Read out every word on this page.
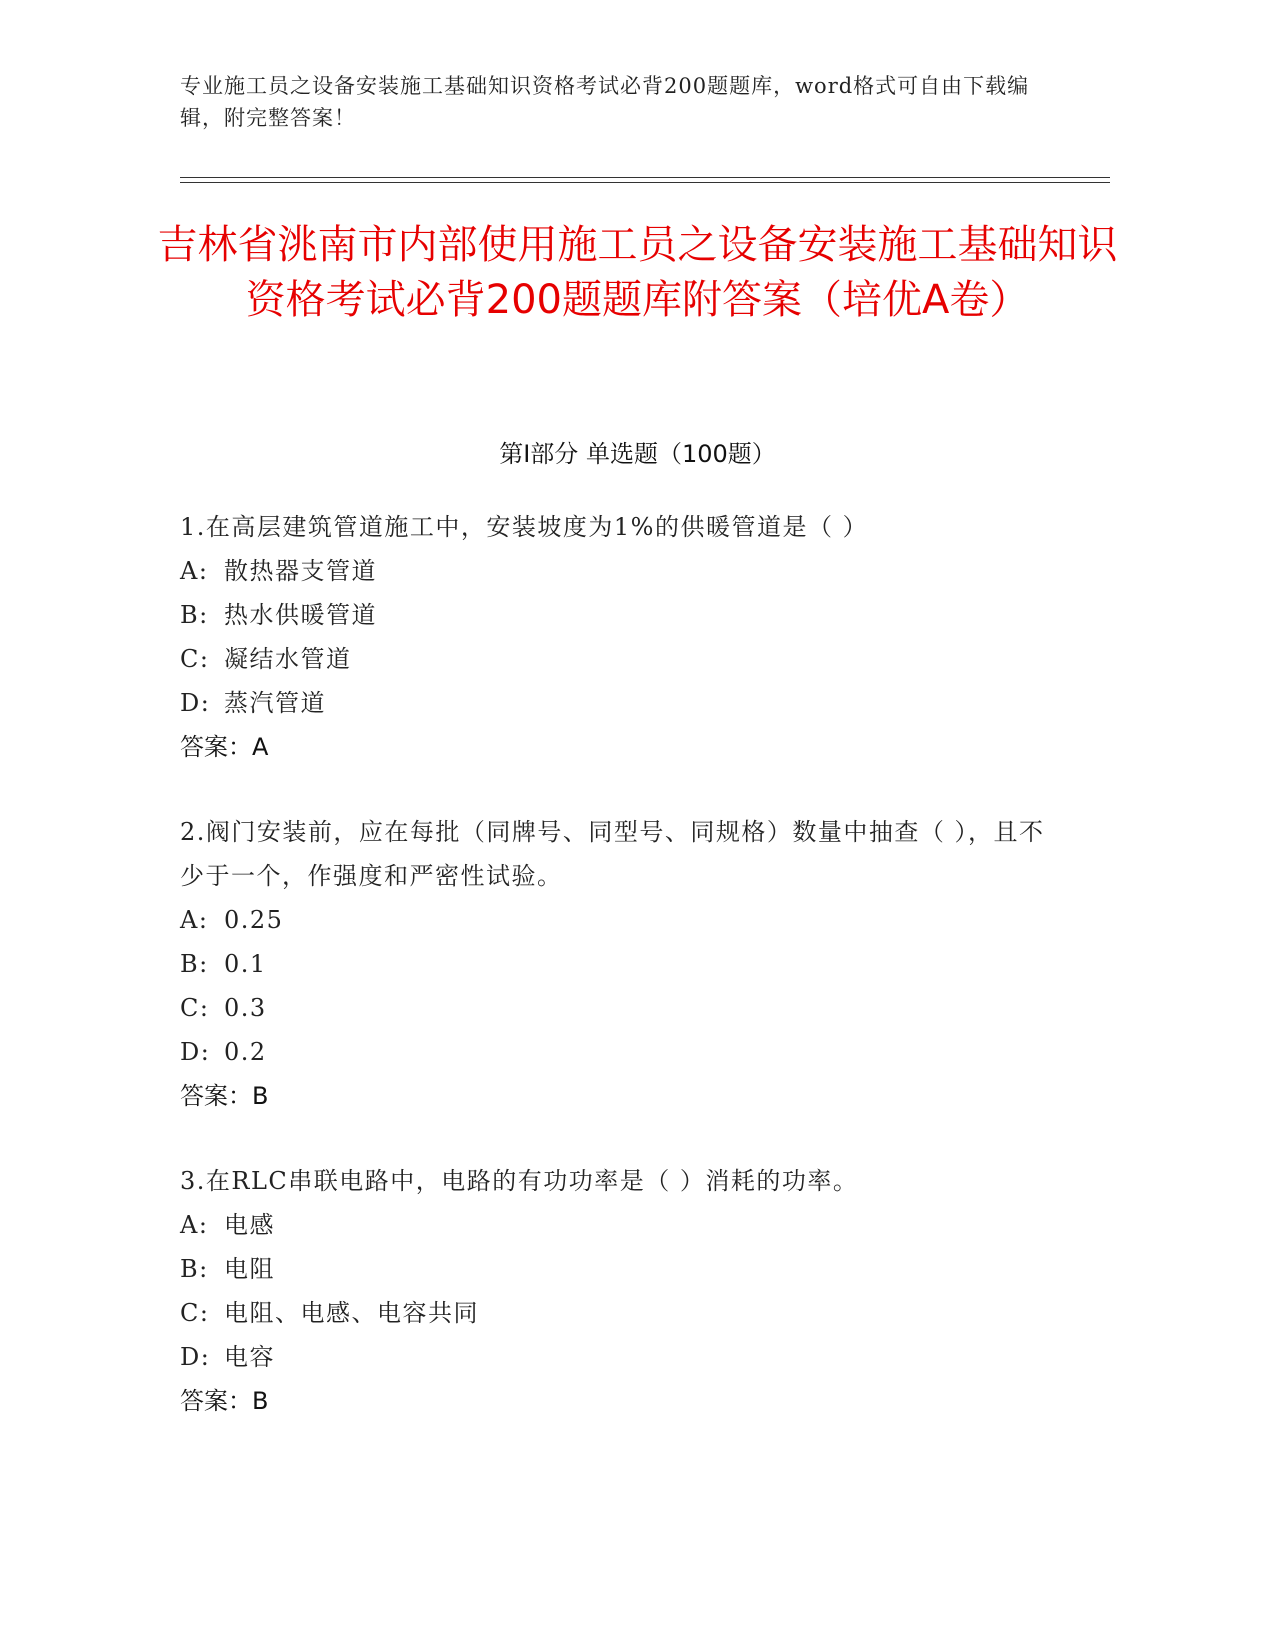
专业施工员之设备安装施工基础知识资格考试必背200题题库，word格式可自由下载编辑，附完整答案！
吉林省洮南市内部使用施工员之设备安装施工基础知识资格考试必背200题题库附答案（培优A卷）
第Ⅰ部分 单选题（100题）
1.在高层建筑管道施工中，安装坡度为1%的供暖管道是（ ）
A: 散热器支管道
B: 热水供暖管道
C: 凝结水管道
D: 蒸汽管道
答案：A
2.阀门安装前，应在每批（同牌号、同型号、同规格）数量中抽查（ ），且不少于一个，作强度和严密性试验。
A: 0.25
B: 0.1
C: 0.3
D: 0.2
答案：B
3.在RLC串联电路中，电路的有功功率是（ ）消耗的功率。
A: 电感
B: 电阻
C: 电阻、电感、电容共同
D: 电容
答案：B
